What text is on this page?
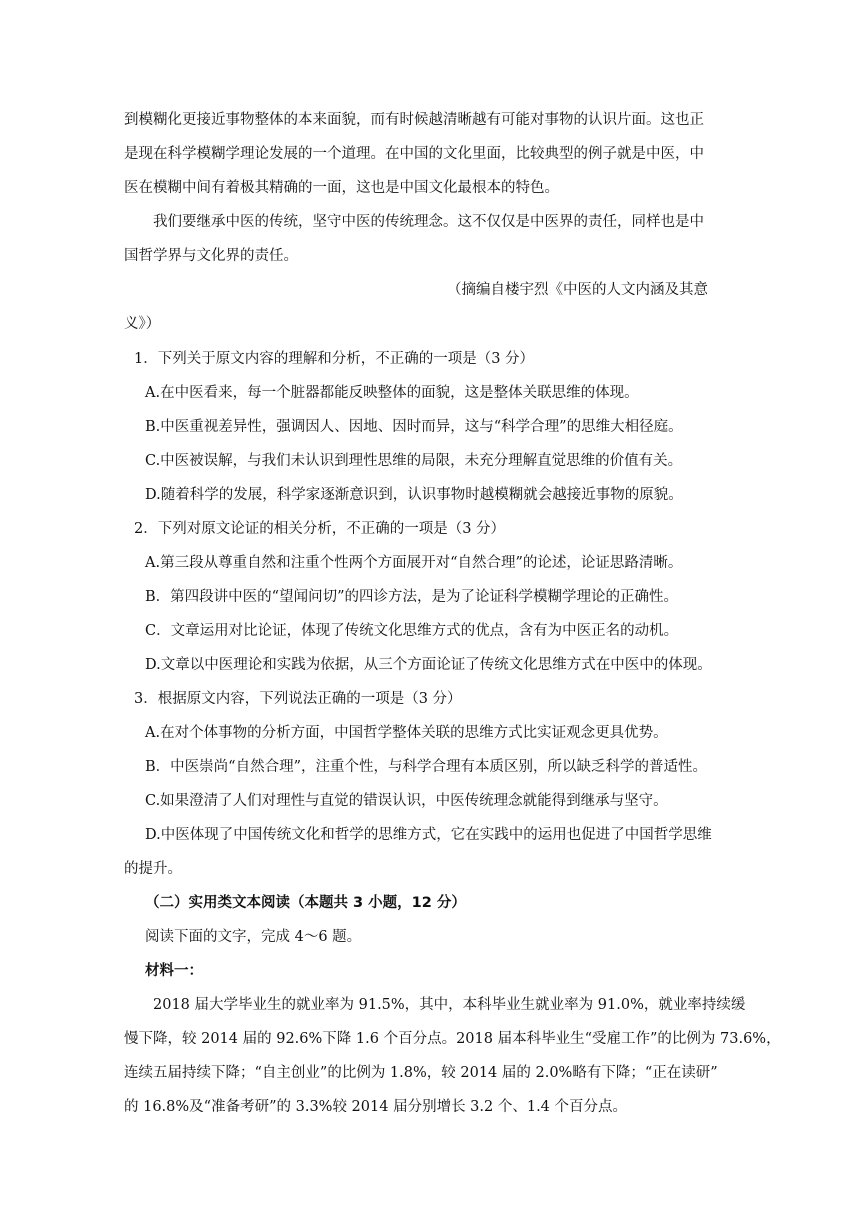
到模糊化更接近事物整体的本来面貌，而有时候越清晰越有可能对事物的认识片面。这也正
是现在科学模糊学理论发展的一个道理。在中国的文化里面，比较典型的例子就是中医，中
医在模糊中间有着极其精确的一面，这也是中国文化最根本的特色。
我们要继承中医的传统，坚守中医的传统理念。这不仅仅是中医界的责任，同样也是中
国哲学界与文化界的责任。
（摘编自楼宇烈《中医的人文内涵及其意
义》）
1．下列关于原文内容的理解和分析，不正确的一项是（3 分）
A.在中医看来，每一个脏器都能反映整体的面貌，这是整体关联思维的体现。
B.中医重视差异性，强调因人、因地、因时而异，这与“科学合理”的思维大相径庭。
C.中医被误解，与我们未认识到理性思维的局限，未充分理解直觉思维的价值有关。
D.随着科学的发展，科学家逐渐意识到，认识事物时越模糊就会越接近事物的原貌。
2．下列对原文论证的相关分析，不正确的一项是（3 分）
A.第三段从尊重自然和注重个性两个方面展开对“自然合理”的论述，论证思路清晰。
B．第四段讲中医的“望闻问切”的四诊方法，是为了论证科学模糊学理论的正确性。
C．文章运用对比论证，体现了传统文化思维方式的优点，含有为中医正名的动机。
D.文章以中医理论和实践为依据，从三个方面论证了传统文化思维方式在中医中的体现。
3．根据原文内容，下列说法正确的一项是（3 分）
A.在对个体事物的分析方面，中国哲学整体关联的思维方式比实证观念更具优势。
B．中医崇尚“自然合理”，注重个性，与科学合理有本质区别，所以缺乏科学的普适性。
C.如果澄清了人们对理性与直觉的错误认识，中医传统理念就能得到继承与坚守。
D.中医体现了中国传统文化和哲学的思维方式，它在实践中的运用也促进了中国哲学思维
的提升。
（二）实用类文本阅读（本题共 3 小题，12 分）
阅读下面的文字，完成 4～6 题。
材料一：
2018 届大学毕业生的就业率为 91.5%，其中，本科毕业生就业率为 91.0%，就业率持续缓
慢下降，较 2014 届的 92.6%下降 1.6 个百分点。2018 届本科毕业生“受雇工作”的比例为 73.6%，
连续五届持续下降；“自主创业”的比例为 1.8%，较 2014 届的 2.0%略有下降；“正在读研”
的 16.8%及“准备考研”的 3.3%较 2014 届分别增长 3.2 个、1.4 个百分点。
